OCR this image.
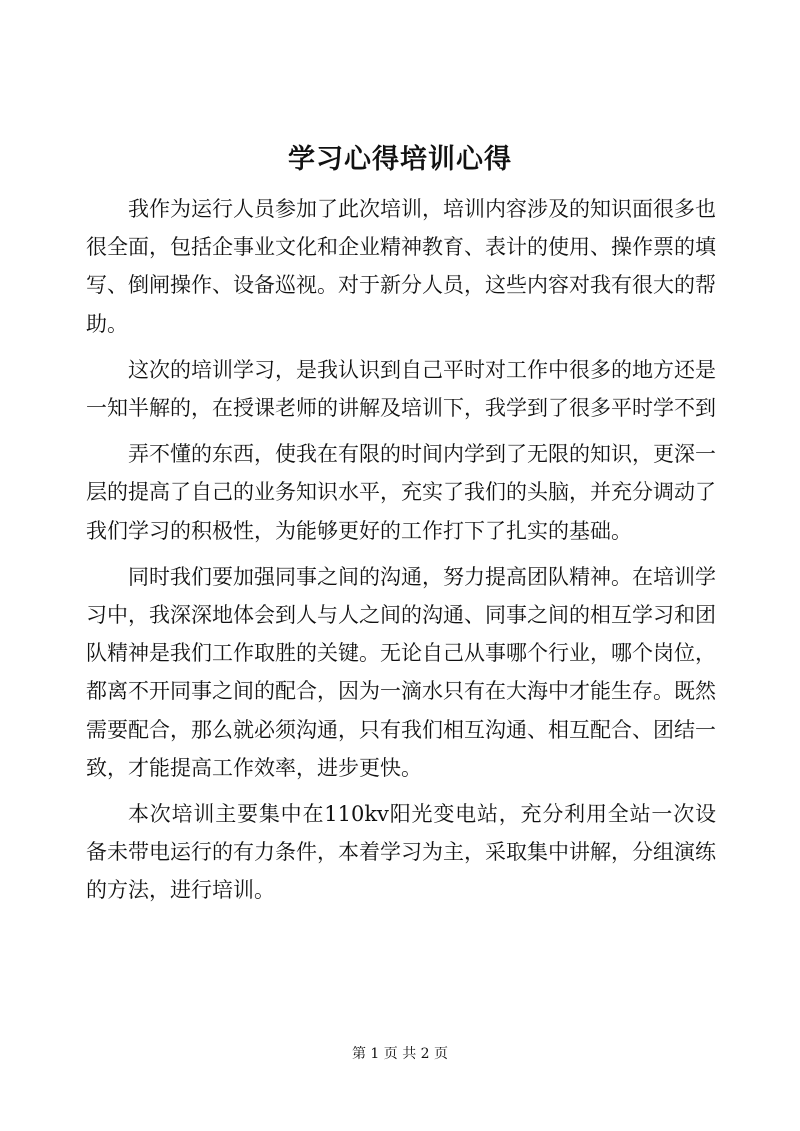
学习心得培训心得

我作为运行人员参加了此次培训，培训内容涉及的知识面很多也很全面，包括企事业文化和企业精神教育、表计的使用、操作票的填写、倒闸操作、设备巡视。对于新分人员，这些内容对我有很大的帮助。

这次的培训学习，是我认识到自己平时对工作中很多的地方还是一知半解的，在授课老师的讲解及培训下，我学到了很多平时学不到

弄不懂的东西，使我在有限的时间内学到了无限的知识，更深一层的提高了自己的业务知识水平，充实了我们的头脑，并充分调动了我们学习的积极性，为能够更好的工作打下了扎实的基础。

同时我们要加强同事之间的沟通，努力提高团队精神。在培训学习中，我深深地体会到人与人之间的沟通、同事之间的相互学习和团队精神是我们工作取胜的关键。无论自己从事哪个行业，哪个岗位，都离不开同事之间的配合，因为一滴水只有在大海中才能生存。既然需要配合，那么就必须沟通，只有我们相互沟通、相互配合、团结一致，才能提高工作效率，进步更快。

本次培训主要集中在110kv阳光变电站，充分利用全站一次设备未带电运行的有力条件，本着学习为主，采取集中讲解，分组演练的方法，进行培训。

第 1 页 共 2 页
